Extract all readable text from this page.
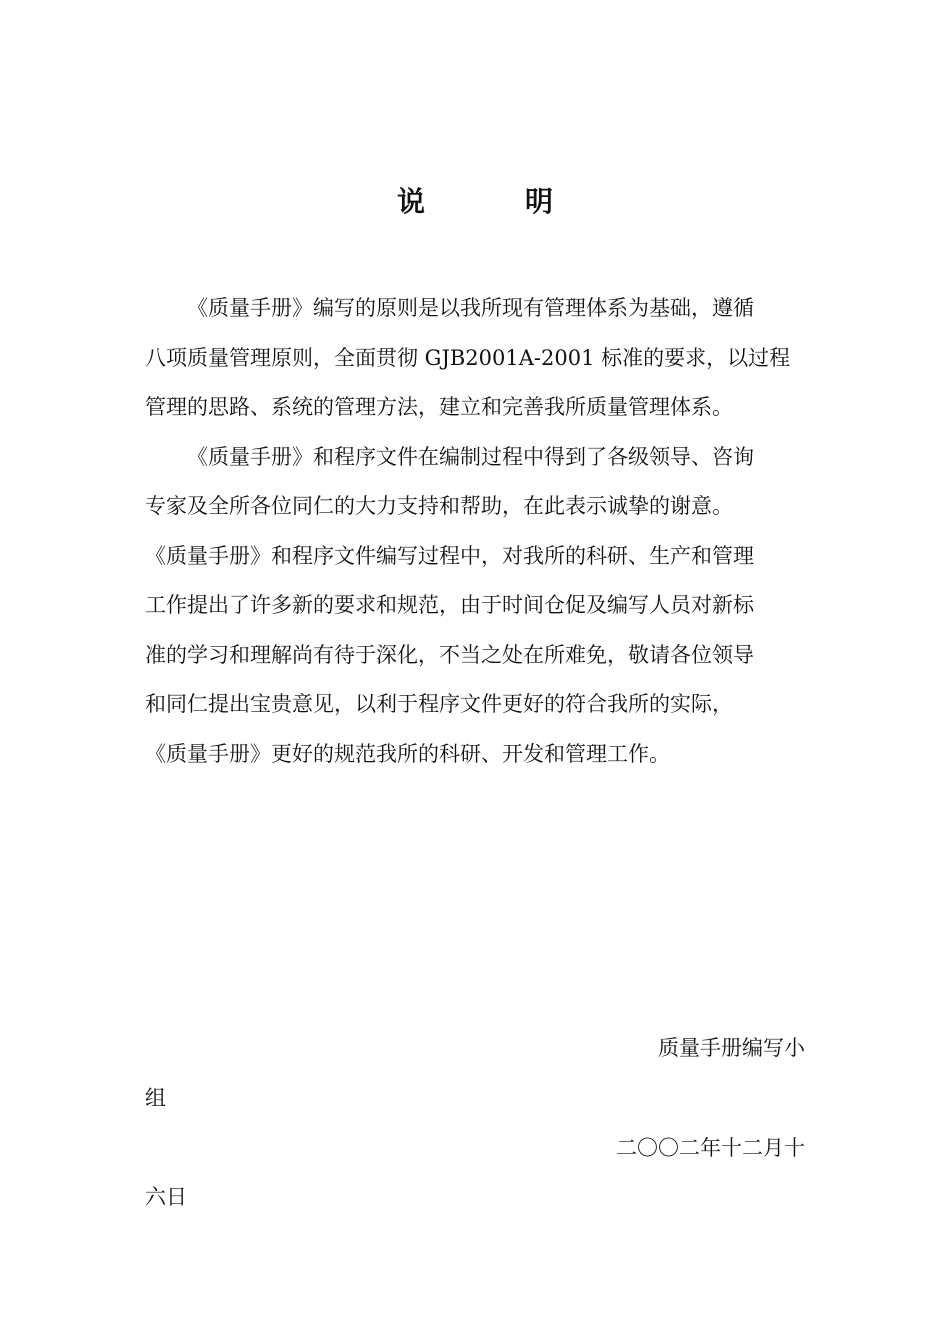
说　明

《质量手册》编写的原则是以我所现有管理体系为基础，遵循

八项质量管理原则，全面贯彻 GJB2001A-2001 标准的要求，以过程

管理的思路、系统的管理方法，建立和完善我所质量管理体系。

《质量手册》和程序文件在编制过程中得到了各级领导、咨询

专家及全所各位同仁的大力支持和帮助，在此表示诚挚的谢意。

《质量手册》和程序文件编写过程中，对我所的科研、生产和管理

工作提出了许多新的要求和规范，由于时间仓促及编写人员对新标

准的学习和理解尚有待于深化，不当之处在所难免，敬请各位领导

和同仁提出宝贵意见，以利于程序文件更好的符合我所的实际，

《质量手册》更好的规范我所的科研、开发和管理工作。

质量手册编写小
组
二〇〇二年十二月十
六日
